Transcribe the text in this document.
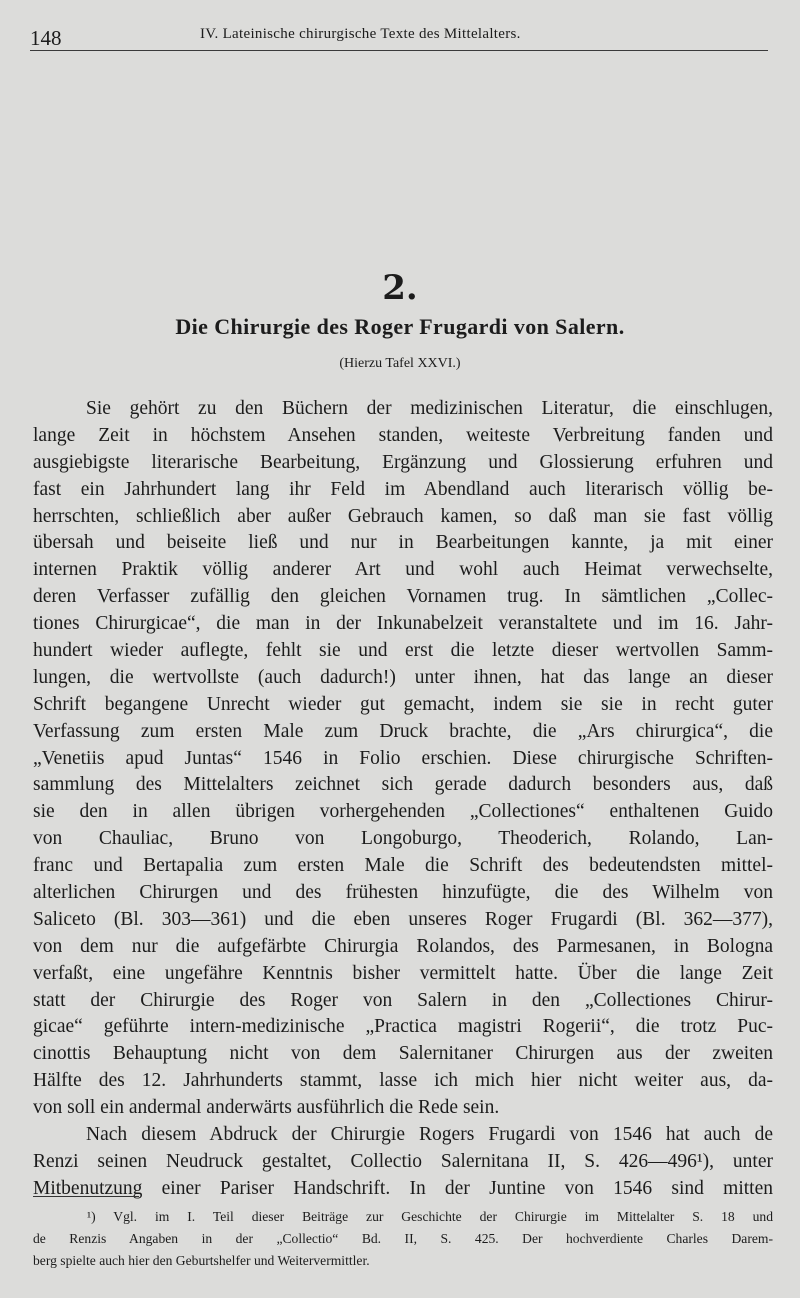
148	IV. Lateinische chirurgische Texte des Mittelalters.
2.
Die Chirurgie des Roger Frugardi von Salern.
(Hierzu Tafel XXVI.)
Sie gehört zu den Büchern der medizinischen Literatur, die einschlugen,
lange Zeit in höchstem Ansehen standen, weiteste Verbreitung fanden und
ausgiebigste literarische Bearbeitung, Ergänzung und Glossierung erfuhren und
fast ein Jahrhundert lang ihr Feld im Abendland auch literarisch völlig be-
herrschten, schließlich aber außer Gebrauch kamen, so daß man sie fast völlig
übersah und beiseite ließ und nur in Bearbeitungen kannte, ja mit einer
internen Praktik völlig anderer Art und wohl auch Heimat verwechselte,
deren Verfasser zufällig den gleichen Vornamen trug. In sämtlichen „Collec-
tiones Chirurgicae“, die man in der Inkunabelzeit veranstaltete und im 16. Jahr-
hundert wieder auflegte, fehlt sie und erst die letzte dieser wertvollen Samm-
lungen, die wertvollste (auch dadurch!) unter ihnen, hat das lange an dieser
Schrift begangene Unrecht wieder gut gemacht, indem sie sie in recht guter
Verfassung zum ersten Male zum Druck brachte, die „Ars chirurgica“, die
„Venetiis apud Juntas“ 1546 in Folio erschien. Diese chirurgische Schriften-
sammlung des Mittelalters zeichnet sich gerade dadurch besonders aus, daß
sie den in allen übrigen vorhergehenden „Collectiones“ enthaltenen Guido
von Chauliac, Bruno von Longoburgo, Theoderich, Rolando, Lan-
franc und Bertapalia zum ersten Male die Schrift des bedeutendsten mittel-
alterlichen Chirurgen und des frühesten hinzufügte, die des Wilhelm von
Saliceto (Bl. 303—361) und die eben unseres Roger Frugardi (Bl. 362—377),
von dem nur die aufgefärbte Chirurgia Rolandos, des Parmesanen, in Bologna
verfaßt, eine ungefähre Kenntnis bisher vermittelt hatte. Über die lange Zeit
statt der Chirurgie des Roger von Salern in den „Collectiones Chirur-
gicae“ geführte intern-medizinische „Practica magistri Rogerii“, die trotz Puc-
cinottis Behauptung nicht von dem Salernitaner Chirurgen aus der zweiten
Hälfte des 12. Jahrhunderts stammt, lasse ich mich hier nicht weiter aus, da-
von soll ein andermal anderwärts ausführlich die Rede sein.
Nach diesem Abdruck der Chirurgie Rogers Frugardi von 1546 hat auch de
Renzi seinen Neudruck gestaltet, Collectio Salernitana II, S. 426—496¹), unter
Mitbenutzung einer Pariser Handschrift. In der Juntine von 1546 sind mitten
¹) Vgl. im I. Teil dieser Beiträge zur Geschichte der Chirurgie im Mittelalter S. 18 und
de Renzis Angaben in der „Collectio“ Bd. II, S. 425. Der hochverdiente Charles Darem-
berg spielte auch hier den Geburtshelfer und Weitervermittler.
